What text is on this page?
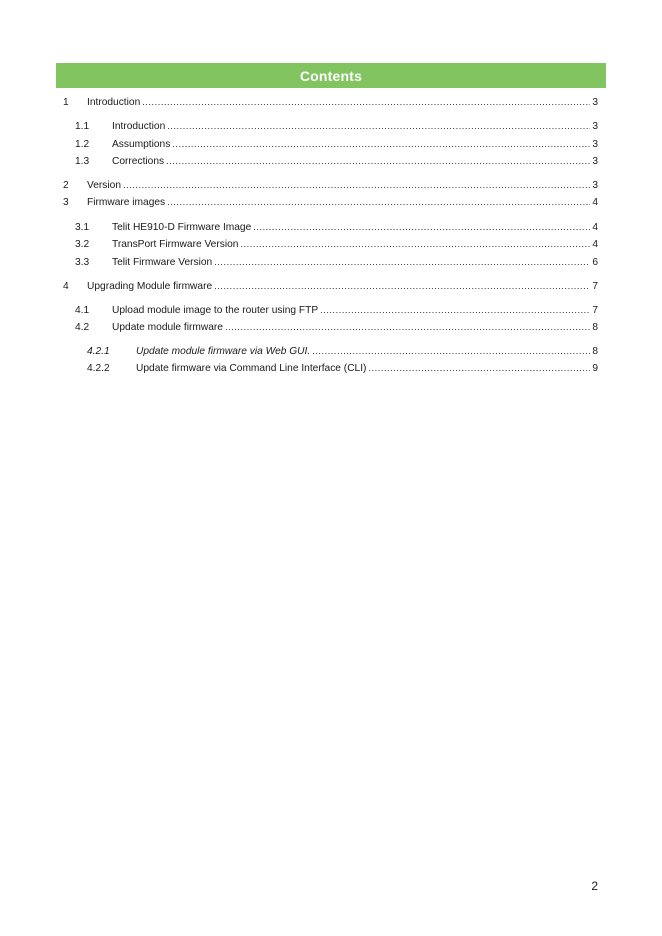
Contents
1	Introduction .....	3
1.1	Introduction .....	3
1.2	Assumptions .....	3
1.3	Corrections .....	3
2	Version .....	3
3	Firmware images .....	4
3.1	Telit HE910-D Firmware Image .....	4
3.2	TransPort Firmware Version .....	4
3.3	Telit Firmware Version .....	6
4	Upgrading Module firmware .....	7
4.1	Upload module image to the router using FTP .....	7
4.2	Update module firmware .....	8
4.2.1	Update module firmware via Web GUI. .....	8
4.2.2	Update firmware via Command Line Interface (CLI) .....	9
2
